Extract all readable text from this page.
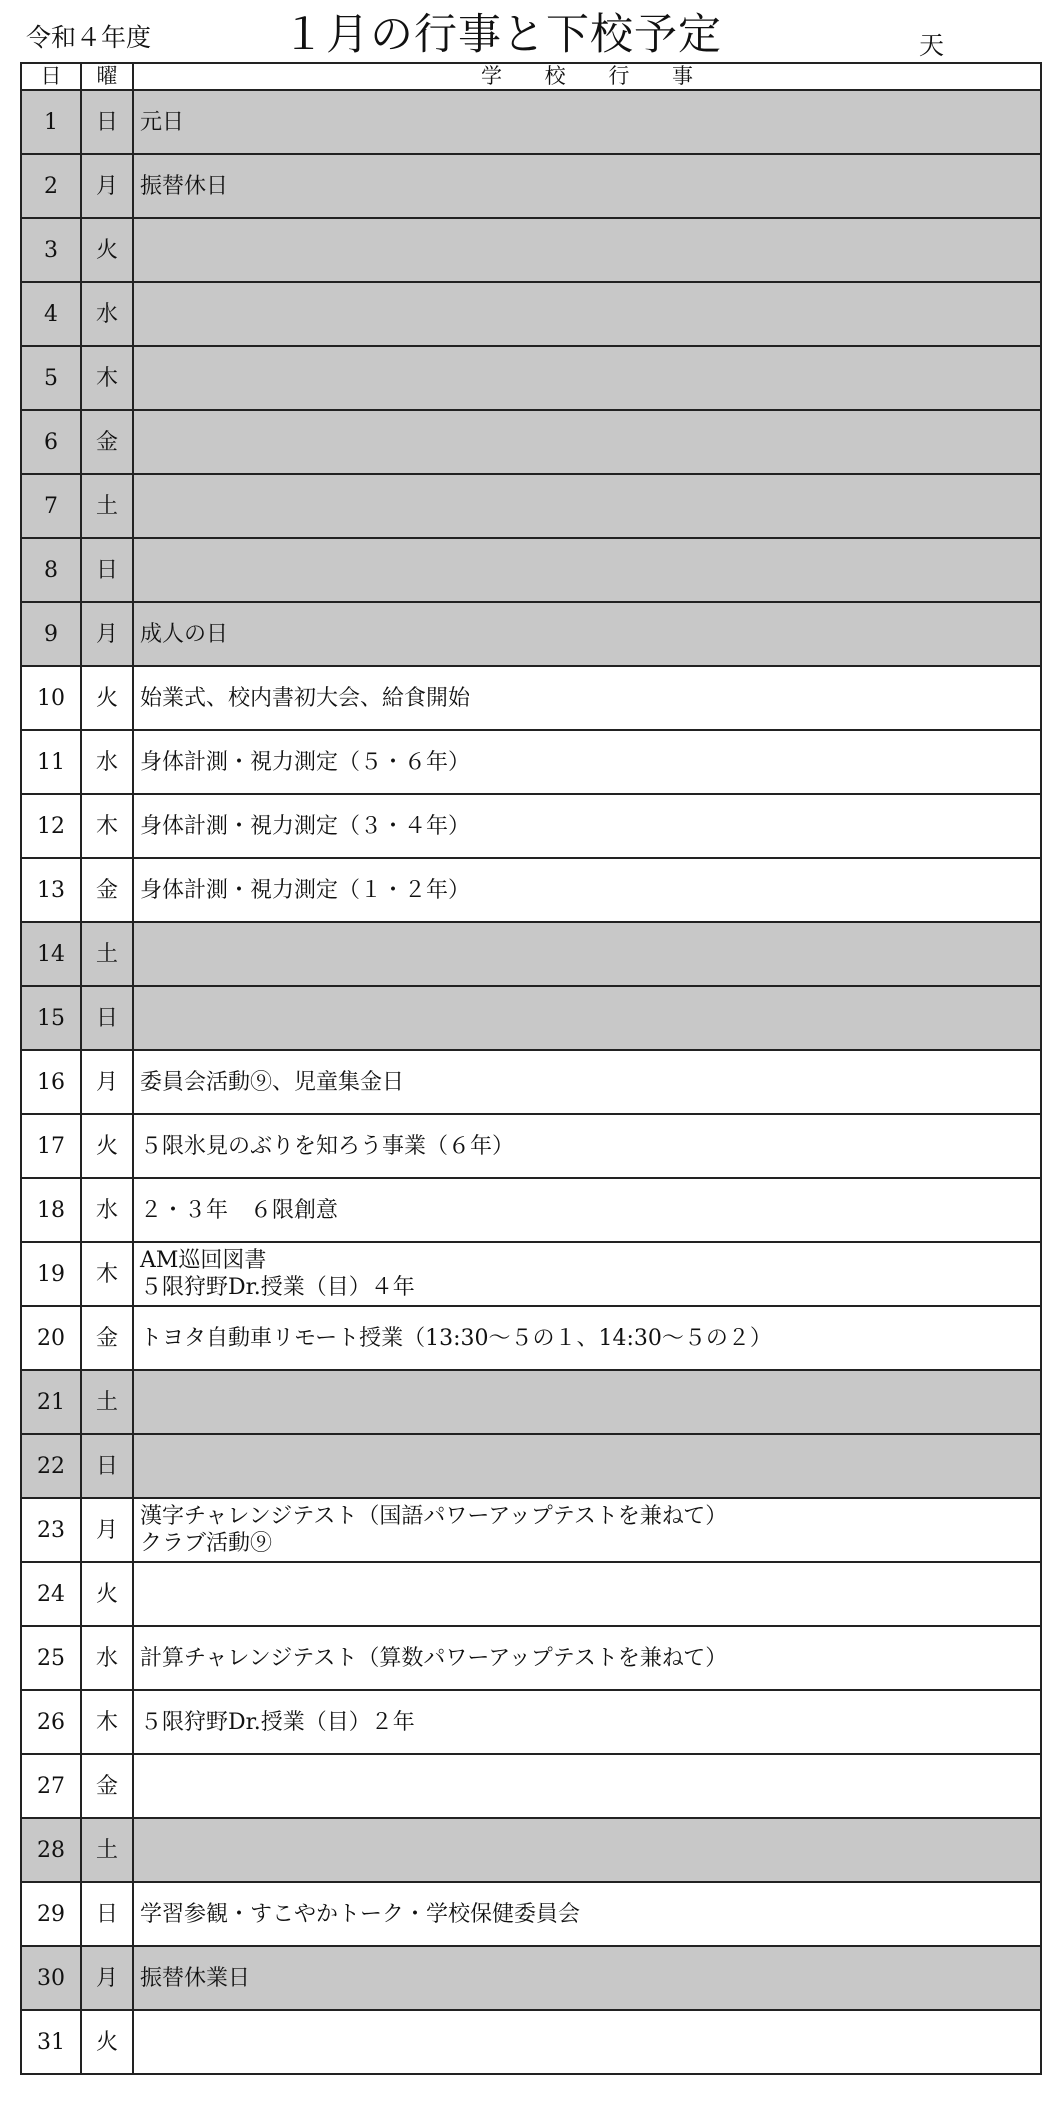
令和４年度	１月の行事と下校予定	天
日	曜	学 校 行 事
1	日	元日

2	月	振替休日

3	火	
4	水	
5	木	
6	金	
7	土	
8	日	
9	月	成人の日

10	火	始業式、校内書初大会、給食開始

11	水	身体計測・視力測定（５・６年）

12	木	身体計測・視力測定（３・４年）

13	金	身体計測・視力測定（１・２年）

14	土	
15	日	
16	月	委員会活動⑨、児童集金日

17	火	５限氷見のぶりを知ろう事業（６年）

18	水	２・３年　６限創意

19	木	AM巡回図書
５限狩野Dr.授業（目）４年

20	金	トヨタ自動車リモート授業（13:30～５の１、14:30～５の２）

21	土	
22	日	
23	月	漢字チャレンジテスト（国語パワーアップテストを兼ねて）
クラブ活動⑨

24	火	
25	水	計算チャレンジテスト（算数パワーアップテストを兼ねて）

26	木	５限狩野Dr.授業（目）２年

27	金	
28	土	
29	日	学習参観・すこやかトーク・学校保健委員会

30	月	振替休業日

31	火	
